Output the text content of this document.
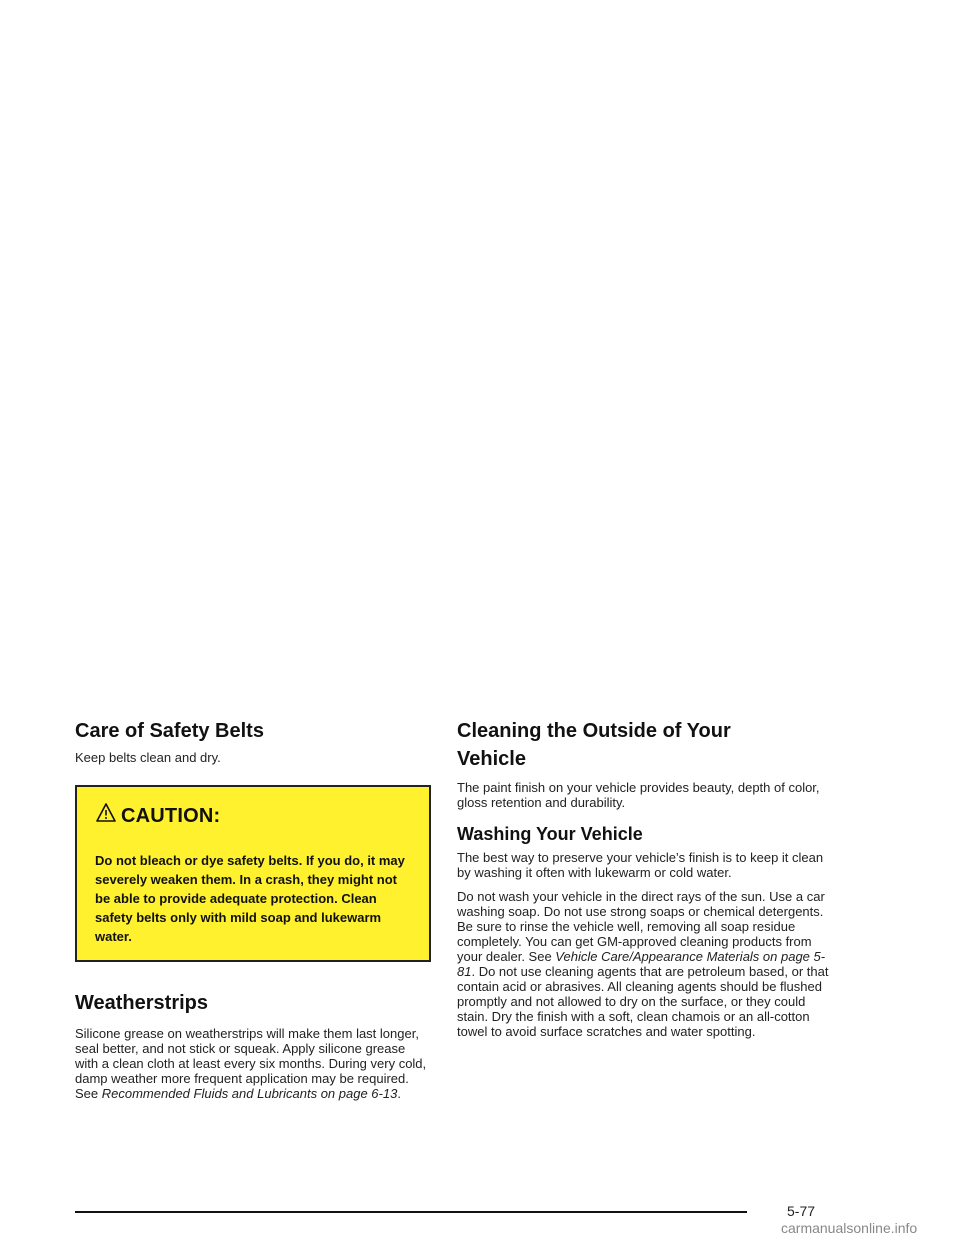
Care of Safety Belts

Keep belts clean and dry.

CAUTION:
Do not bleach or dye safety belts. If you do, it may severely weaken them. In a crash, they might not be able to provide adequate protection. Clean safety belts only with mild soap and lukewarm water.
Weatherstrips

Silicone grease on weatherstrips will make them last longer, seal better, and not stick or squeak. Apply silicone grease with a clean cloth at least every six months. During very cold, damp weather more frequent application may be required. See Recommended Fluids and Lubricants on page 6-13.

Cleaning the Outside of Your
Vehicle

The paint finish on your vehicle provides beauty, depth of color, gloss retention and durability.

Washing Your Vehicle

The best way to preserve your vehicle’s finish is to keep it clean by washing it often with lukewarm or cold water.

Do not wash your vehicle in the direct rays of the sun. Use a car washing soap. Do not use strong soaps or chemical detergents. Be sure to rinse the vehicle well, removing all soap residue completely. You can get GM-approved cleaning products from your dealer. See Vehicle Care/Appearance Materials on page 5-81. Do not use cleaning agents that are petroleum based, or that contain acid or abrasives. All cleaning agents should be flushed promptly and not allowed to dry on the surface, or they could stain. Dry the finish with a soft, clean chamois or an all-cotton towel to avoid surface scratches and water spotting.

5-77
carmanualsonline.info
